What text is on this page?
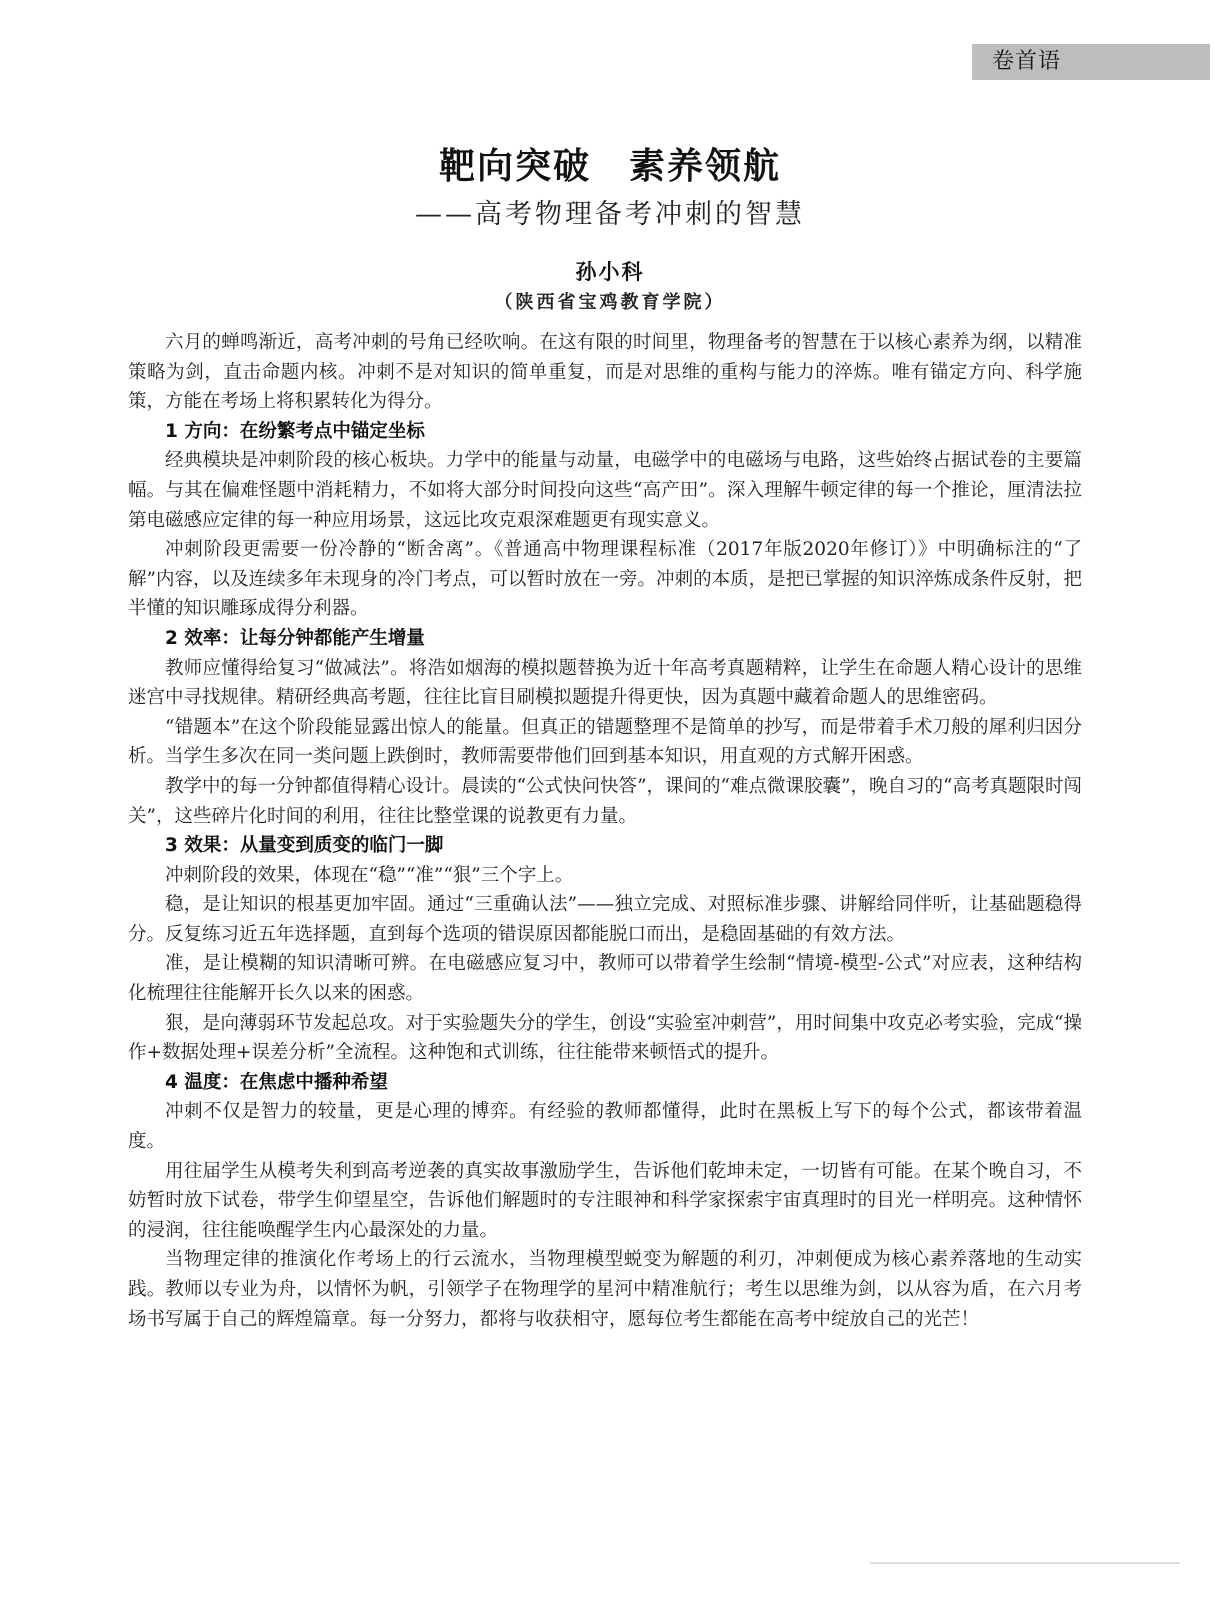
卷首语
靶向突破　素养领航
——高考物理备考冲刺的智慧
孙小科
（陕西省宝鸡教育学院）

六月的蝉鸣渐近，高考冲刺的号角已经吹响。在这有限的时间里，物理备考的智慧在于以核心素养为纲，以精准策略为剑，直击命题内核。冲刺不是对知识的简单重复，而是对思维的重构与能力的淬炼。唯有锚定方向、科学施策，方能在考场上将积累转化为得分。

1 方向：在纷繁考点中锚定坐标

经典模块是冲刺阶段的核心板块。力学中的能量与动量，电磁学中的电磁场与电路，这些始终占据试卷的主要篇幅。与其在偏难怪题中消耗精力，不如将大部分时间投向这些“高产田”。深入理解牛顿定律的每一个推论，厘清法拉第电磁感应定律的每一种应用场景，这远比攻克艰深难题更有现实意义。

冲刺阶段更需要一份冷静的“断舍离”。《普通高中物理课程标准（2017年版2020年修订）》中明确标注的“了解”内容，以及连续多年未现身的冷门考点，可以暂时放在一旁。冲刺的本质，是把已掌握的知识淬炼成条件反射，把半懂的知识雕琢成得分利器。

2 效率：让每分钟都能产生增量

教师应懂得给复习“做减法”。将浩如烟海的模拟题替换为近十年高考真题精粹，让学生在命题人精心设计的思维迷宫中寻找规律。精研经典高考题，往往比盲目刷模拟题提升得更快，因为真题中藏着命题人的思维密码。

“错题本”在这个阶段能显露出惊人的能量。但真正的错题整理不是简单的抄写，而是带着手术刀般的犀利归因分析。当学生多次在同一类问题上跌倒时，教师需要带他们回到基本知识，用直观的方式解开困惑。

教学中的每一分钟都值得精心设计。晨读的“公式快问快答”，课间的“难点微课胶囊”，晚自习的“高考真题限时闯关”，这些碎片化时间的利用，往往比整堂课的说教更有力量。

3 效果：从量变到质变的临门一脚

冲刺阶段的效果，体现在“稳”“准”“狠”三个字上。

稳，是让知识的根基更加牢固。通过“三重确认法”——独立完成、对照标准步骤、讲解给同伴听，让基础题稳得分。反复练习近五年选择题，直到每个选项的错误原因都能脱口而出，是稳固基础的有效方法。

准，是让模糊的知识清晰可辨。在电磁感应复习中，教师可以带着学生绘制“情境-模型-公式”对应表，这种结构化梳理往往能解开长久以来的困惑。

狠，是向薄弱环节发起总攻。对于实验题失分的学生，创设“实验室冲刺营”，用时间集中攻克必考实验，完成“操作+数据处理+误差分析”全流程。这种饱和式训练，往往能带来顿悟式的提升。

4 温度：在焦虑中播种希望

冲刺不仅是智力的较量，更是心理的博弈。有经验的教师都懂得，此时在黑板上写下的每个公式，都该带着温度。

用往届学生从模考失利到高考逆袭的真实故事激励学生，告诉他们乾坤未定，一切皆有可能。在某个晚自习，不妨暂时放下试卷，带学生仰望星空，告诉他们解题时的专注眼神和科学家探索宇宙真理时的目光一样明亮。这种情怀的浸润，往往能唤醒学生内心最深处的力量。

当物理定律的推演化作考场上的行云流水，当物理模型蜕变为解题的利刃，冲刺便成为核心素养落地的生动实践。教师以专业为舟，以情怀为帆，引领学子在物理学的星河中精准航行；考生以思维为剑，以从容为盾，在六月考场书写属于自己的辉煌篇章。每一分努力，都将与收获相守，愿每位考生都能在高考中绽放自己的光芒！
